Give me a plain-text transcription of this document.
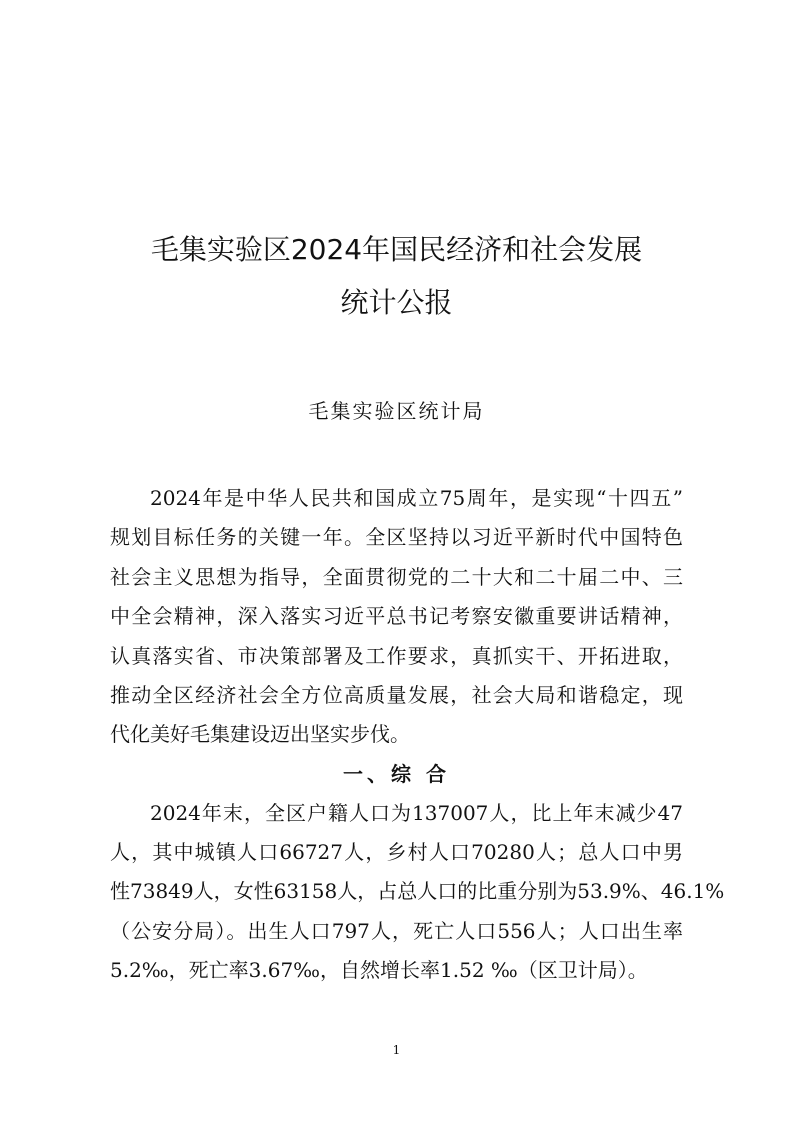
毛集实验区2024年国民经济和社会发展
统计公报
毛集实验区统计局
2024年是中华人民共和国成立75周年，是实现“十四五”
规划目标任务的关键一年。全区坚持以习近平新时代中国特色
社会主义思想为指导，全面贯彻党的二十大和二十届二中、三
中全会精神，深入落实习近平总书记考察安徽重要讲话精神，
认真落实省、市决策部署及工作要求，真抓实干、开拓进取，
推动全区经济社会全方位高质量发展，社会大局和谐稳定，现
代化美好毛集建设迈出坚实步伐。
一、综 合
2024年末，全区户籍人口为137007人，比上年末减少47
人，其中城镇人口66727人，乡村人口70280人；总人口中男
性73849人，女性63158人，占总人口的比重分别为53.9%、46.1%
（公安分局）。出生人口797人，死亡人口556人；人口出生率
5.2‰，死亡率3.67‰，自然增长率1.52 ‰（区卫计局）。
1
